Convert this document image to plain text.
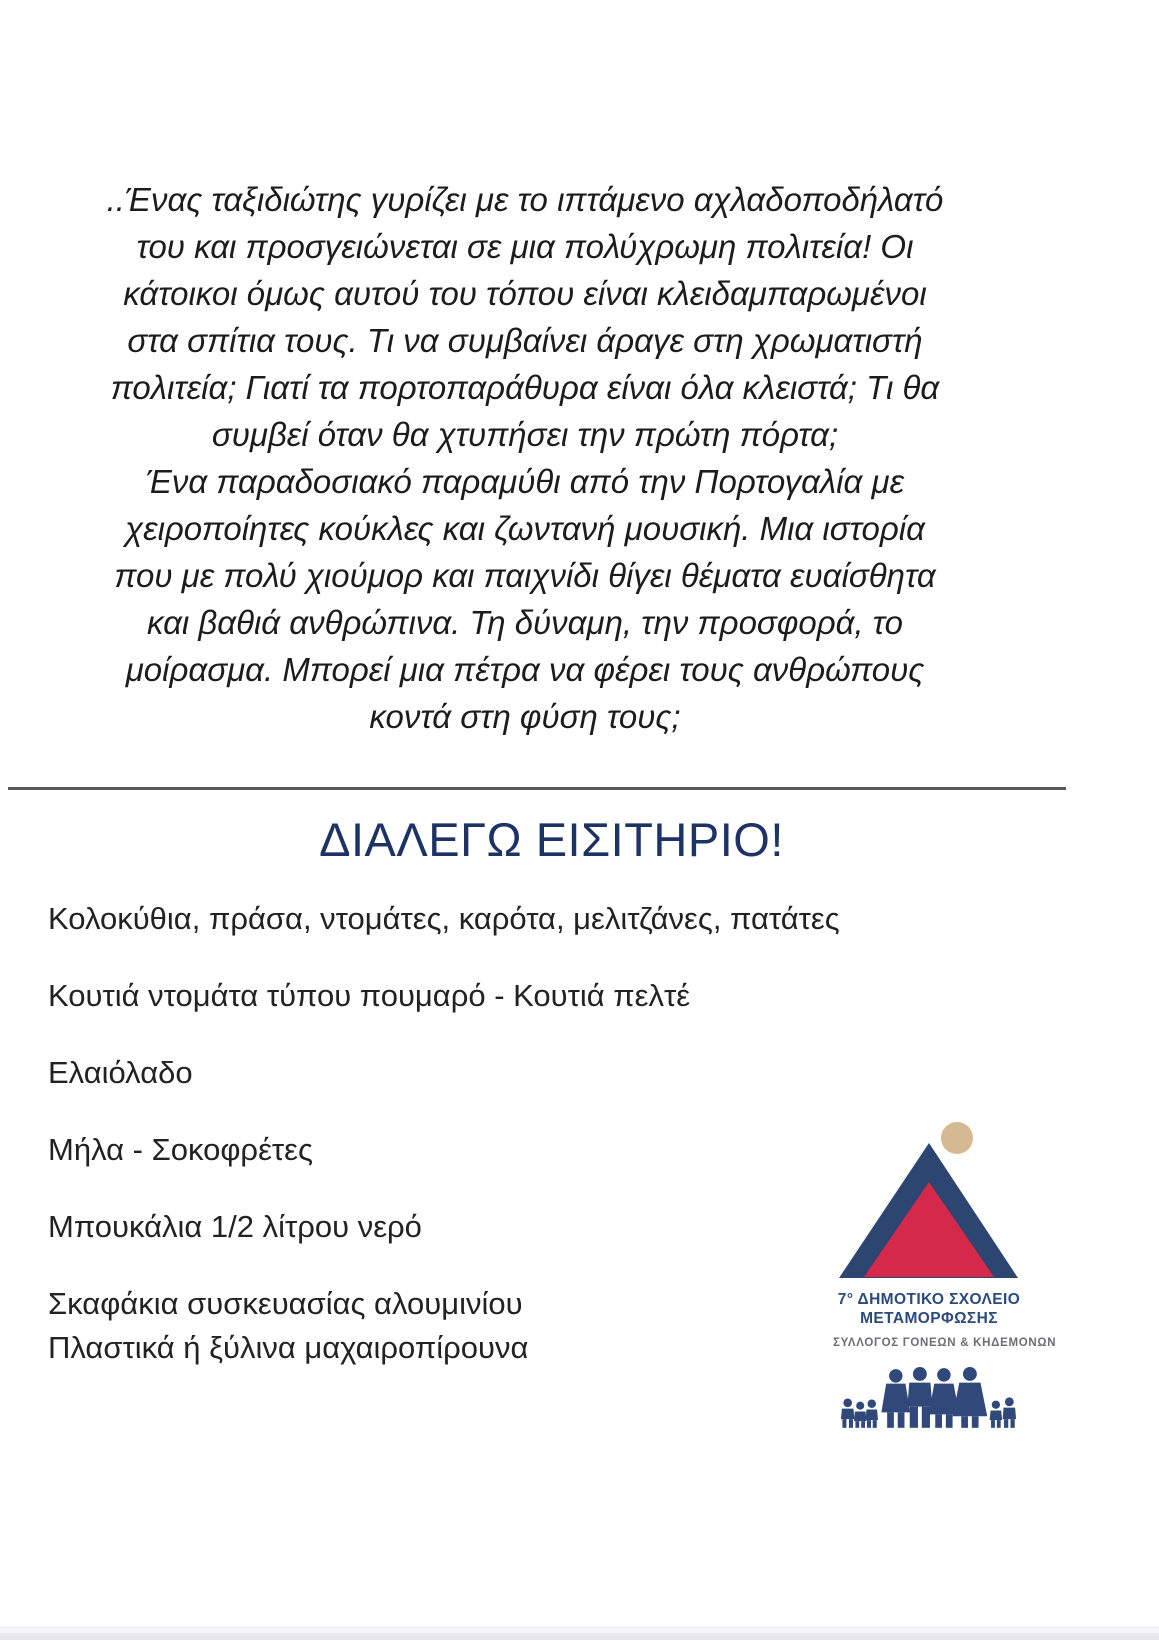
..Ένας ταξιδιώτης γυρίζει με το ιπτάμενο αχλαδοποδήλατό
του και προσγειώνεται σε μια πολύχρωμη πολιτεία! Οι
κάτοικοι όμως αυτού του τόπου είναι κλειδαμπαρωμένοι
στα σπίτια τους. Τι να συμβαίνει άραγε στη χρωματιστή
πολιτεία; Γιατί τα πορτοπαράθυρα είναι όλα κλειστά; Τι θα
συμβεί όταν θα χτυπήσει την πρώτη πόρτα;
Ένα παραδοσιακό παραμύθι από την Πορτογαλία με
χειροποίητες κούκλες και ζωντανή μουσική. Μια ιστορία
που με πολύ χιούμορ και παιχνίδι θίγει θέματα ευαίσθητα
και βαθιά ανθρώπινα. Τη δύναμη, την προσφορά, το
μοίρασμα. Μπορεί μια πέτρα να φέρει τους ανθρώπους
κοντά στη φύση τους;
ΔΙΑΛΕΓΩ ΕΙΣΙΤΗΡΙΟ!
Κολοκύθια, πράσα, ντομάτες, καρότα, μελιτζάνες, πατάτες
Κουτιά ντομάτα τύπου πουμαρό - Κουτιά πελτέ
Ελαιόλαδο
Μήλα - Σοκοφρέτες
Μπουκάλια 1/2 λίτρου νερό
Σκαφάκια συσκευασίας αλουμινίου
Πλαστικά ή ξύλινα μαχαιροπίρουνα
7° ΔΗΜΟΤΙΚΟ ΣΧΟΛΕΙΟ
ΜΕΤΑΜΟΡΦΩΣΗΣ
ΣΥΛΛΟΓΟΣ ΓΟΝΕΩΝ & ΚΗΔΕΜΟΝΩΝ
